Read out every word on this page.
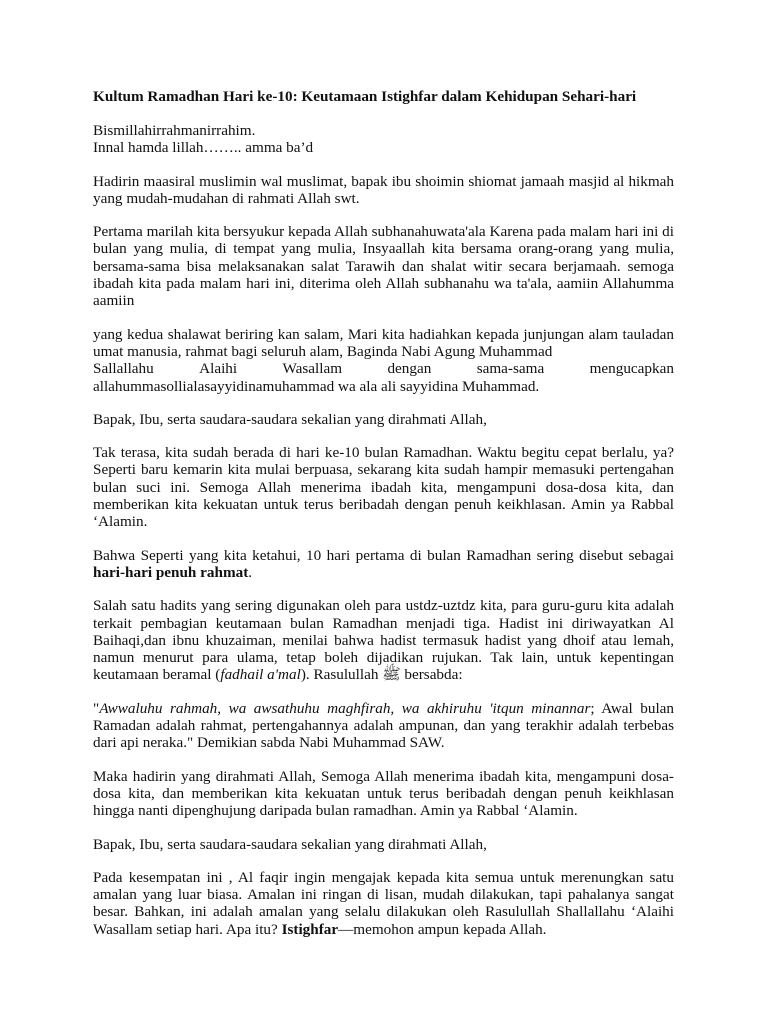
Kultum Ramadhan Hari ke-10: Keutamaan Istighfar dalam Kehidupan Sehari-hari

Bismillahirrahmanirrahim.
Innal hamda lillah…….. amma ba’d

Hadirin maasiral muslimin wal muslimat, bapak ibu shoimin shiomat jamaah masjid al hikmah yang mudah-mudahan di rahmati Allah swt.

Pertama marilah kita bersyukur kepada Allah subhanahuwata'ala Karena pada malam hari ini di bulan yang mulia, di tempat yang mulia, Insyaallah kita bersama orang-orang yang mulia, bersama-sama bisa melaksanakan salat Tarawih dan shalat witir secara berjamaah. semoga ibadah kita pada malam hari ini, diterima oleh Allah subhanahu wa ta'ala, aamiin Allahumma aamiin

yang kedua shalawat beriring kan salam, Mari kita hadiahkan kepada junjungan alam tauladan umat manusia, rahmat bagi seluruh alam, Baginda Nabi Agung Muhammad
Sallallahu	Alaihi	Wasallam	dengan	sama-sama	mengucapkan
allahummasollialasayyidinamuhammad wa ala ali sayyidina Muhammad.

Bapak, Ibu, serta saudara-saudara sekalian yang dirahmati Allah,

Tak terasa, kita sudah berada di hari ke-10 bulan Ramadhan. Waktu begitu cepat berlalu, ya? Seperti baru kemarin kita mulai berpuasa, sekarang kita sudah hampir memasuki pertengahan bulan suci ini. Semoga Allah menerima ibadah kita, mengampuni dosa-dosa kita, dan memberikan kita kekuatan untuk terus beribadah dengan penuh keikhlasan. Amin ya Rabbal ‘Alamin.

Bahwa Seperti yang kita ketahui, 10 hari pertama di bulan Ramadhan sering disebut sebagai hari-hari penuh rahmat.

Salah satu hadits yang sering digunakan oleh para ustdz-uztdz kita, para guru-guru kita adalah terkait pembagian keutamaan bulan Ramadhan menjadi tiga. Hadist ini diriwayatkan Al Baihaqi,dan ibnu khuzaiman, menilai bahwa hadist termasuk hadist yang dhoif atau lemah, namun menurut para ulama, tetap boleh dijadikan rujukan. Tak lain, untuk kepentingan keutamaan beramal (fadhail a'mal). Rasulullah ﷺ bersabda:

"Awwaluhu rahmah, wa awsathuhu maghfirah, wa akhiruhu 'itqun minannar; Awal bulan Ramadan adalah rahmat, pertengahannya adalah ampunan, dan yang terakhir adalah terbebas dari api neraka." Demikian sabda Nabi Muhammad SAW.

Maka hadirin yang dirahmati Allah, Semoga Allah menerima ibadah kita, mengampuni dosa-dosa kita, dan memberikan kita kekuatan untuk terus beribadah dengan penuh keikhlasan hingga nanti dipenghujung daripada bulan ramadhan. Amin ya Rabbal ‘Alamin.

Bapak, Ibu, serta saudara-saudara sekalian yang dirahmati Allah,

Pada kesempatan ini , Al faqir ingin mengajak kepada kita semua untuk merenungkan satu amalan yang luar biasa. Amalan ini ringan di lisan, mudah dilakukan, tapi pahalanya sangat besar. Bahkan, ini adalah amalan yang selalu dilakukan oleh Rasulullah Shallallahu ‘Alaihi Wasallam setiap hari. Apa itu? Istighfar—memohon ampun kepada Allah.
